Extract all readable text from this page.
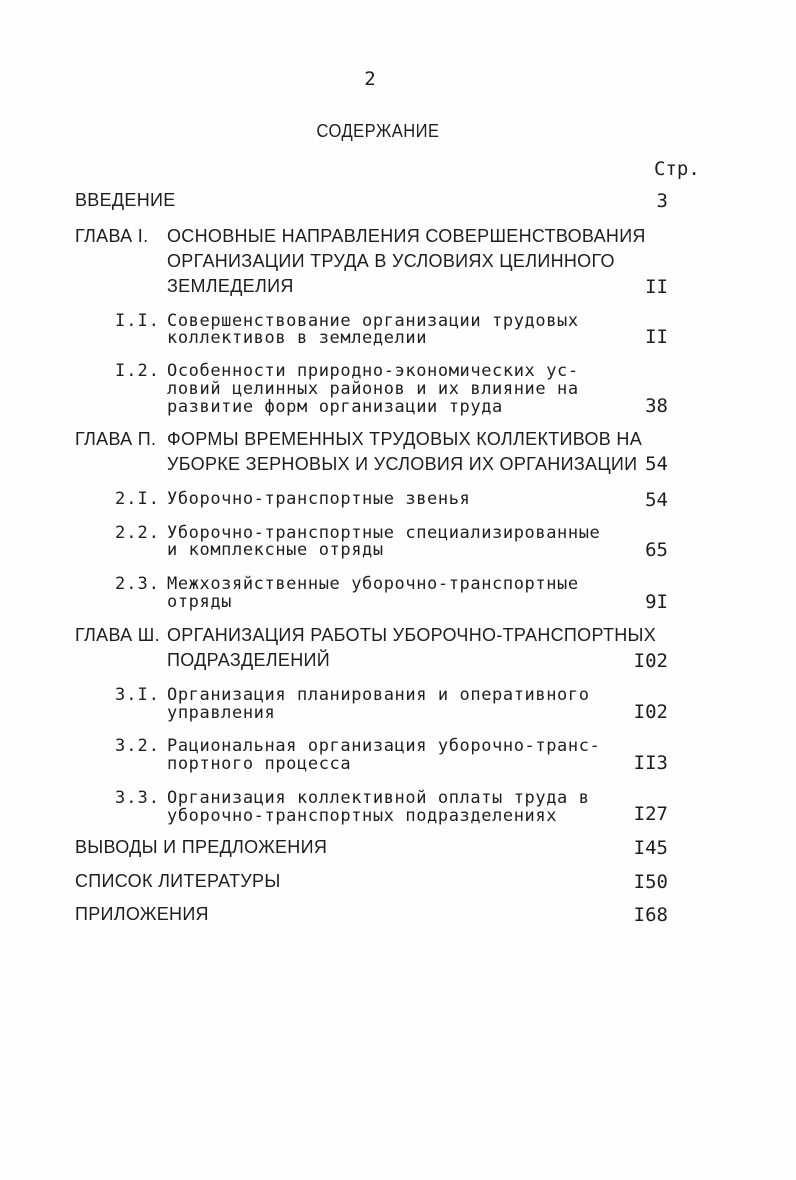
2
СОДЕРЖАНИЕ
Стр.
ВВЕДЕНИЕ	3
ГЛАВА I. ОСНОВНЫЕ НАПРАВЛЕНИЯ СОВЕРШЕНСТВОВАНИЯ
ОРГАНИЗАЦИИ ТРУДА В УСЛОВИЯХ ЦЕЛИННОГО
ЗЕМЛЕДЕЛИЯ	II
I.I. Совершенствование организации трудовых
коллективов в земледелии	II
I.2. Особенности природно-экономических ус-
ловий целинных районов и их влияние на
развитие форм организации труда	38
ГЛАВА П. ФОРМЫ ВРЕМЕННЫХ ТРУДОВЫХ КОЛЛЕКТИВОВ НА
УБОРКЕ ЗЕРНОВЫХ И УСЛОВИЯ ИХ ОРГАНИЗАЦИИ 54
2.I. Уборочно-транспортные звенья	54
2.2. Уборочно-транспортные специализированные
и комплексные отряды	65
2.3. Межхозяйственные уборочно-транспортные
отряды	9I
ГЛАВА Ш. ОРГАНИЗАЦИЯ РАБОТЫ УБОРОЧНО-ТРАНСПОРТНЫХ
ПОДРАЗДЕЛЕНИЙ	I02
3.I. Организация планирования и оперативного
управления	I02
3.2. Рациональная организация уборочно-транс-
портного процесса	II3
3.3. Организация коллективной оплаты труда в
уборочно-транспортных подразделениях	I27
ВЫВОДЫ И ПРЕДЛОЖЕНИЯ	I45
СПИСОК ЛИТЕРАТУРЫ	I50
ПРИЛОЖЕНИЯ	I68
